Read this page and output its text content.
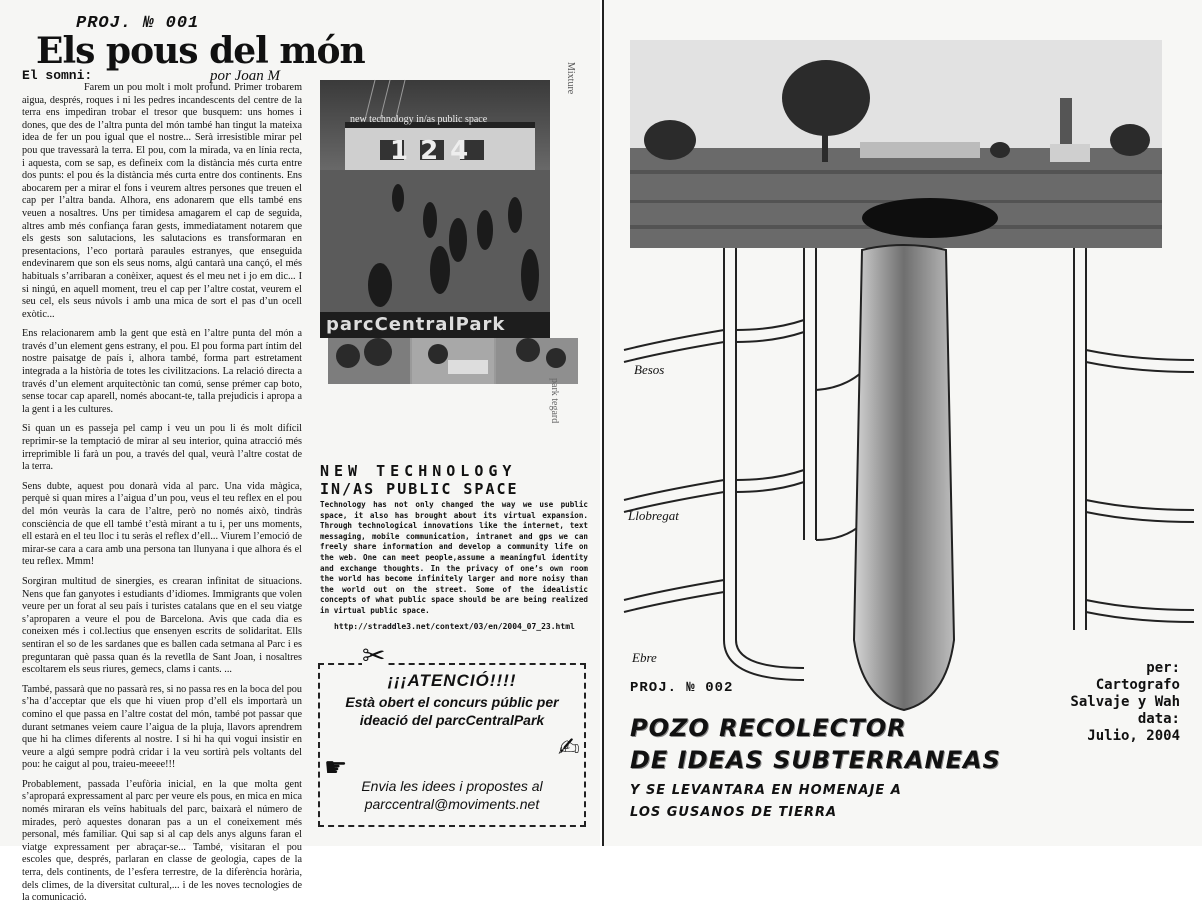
PROJ. № 001
Els pous del món
El somni:	por Joan M

Farem un pou molt i molt profund. Primer trobarem aigua, després, roques i ni les pedres incandescents del centre de la terra ens impediran trobar el tresor que busquem: uns homes i dones, que des de l’altra punta del món també han tingut la mateixa idea de fer un pou igual que el nostre... Serà irresistible mirar pel pou que travessarà la terra. El pou, com la mirada, va en línia recta, i aquesta, com se sap, es defineix com la distància més curta entre dos punts: el pou és la distància més curta entre dos continents. Ens abocarem per a mirar el fons i veurem altres persones que treuen el cap per l’altra banda. Alhora, ens adonarem que ells també ens veuen a nosaltres. Uns per timidesa amagarem el cap de seguida, altres amb més confiança faran gests, immediatament notarem que els gests son salutacions, les salutacions es transformaran en presentacions, l’eco portarà paraules estranyes, que enseguida endevinarem que son els seus noms, algú cantarà una cançó, el més habituals s’arribaran a conèixer, aquest és el meu net i jo em dic... I si ningú, en aquell moment, treu el cap per l’altre costat, veurem el seu cel, els seus núvols i amb una mica de sort el pas d’un ocell exòtic...

Ens relacionarem amb la gent que està en l’altre punta del món a través d’un element gens estrany, el pou. El pou forma part íntim del nostre paisatge de país i, alhora també, forma part estretament integrada a la història de totes les civilitzacions. La relació directa a través d’un element arquitectònic tan comú, sense prémer cap boto, sense tocar cap aparell, només abocant-te, talla prejudicis i apropa a la gent i a les cultures.

Si quan un es passeja pel camp i veu un pou li és molt difícil reprimir-se la temptació de mirar al seu interior, quina atracció més irreprimible li farà un pou, a través del qual, veurà l’altre costat de la terra.

Sens dubte, aquest pou donarà vida al parc. Una vida màgica, perquè si quan mires a l’aigua d’un pou, veus el teu reflex en el pou del món veuràs la cara de l’altre, però no només això, tindràs consciència de que ell també t’està mirant a tu i, per uns moments, ell estarà en el teu lloc i tu seràs el reflex d’ell... Viurem l’emoció de mirar-se cara a cara amb una persona tan llunyana i que alhora és el teu reflex. Mmm!

Sorgiran multitud de sinergies, es crearan infinitat de situacions. Nens que fan ganyotes i estudiants d’idiomes. Immigrants que volen veure per un forat al seu país i turistes catalans que en el seu viatge s’aproparen a veure el pou de Barcelona. Avis que cada dia es coneixen més i col.lectius que ensenyen escrits de solidaritat. Ells sentiran el so de les sardanes que es ballen cada setmana al Parc i es preguntaran què passa quan és la revetlla de Sant Joan, i nosaltres escoltarem els seus riures, gemecs, clams i cants. ...

També, passarà que no passarà res, si no passa res en la boca del pou s’ha d’acceptar que els que hi viuen prop d’ell els importarà un comino el que passa en l’altre costat del món, també pot passar que durant setmanes veiem caure l’aigua de la pluja, llavors aprendrem que hi ha climes diferents al nostre. I si hi ha qui vogui insistir en veure a algú sempre podrà cridar i la veu sortirà pels voltants del pou: he caigut al pou, traieu-meeee!!!

Probablement, passada l’eufòria inicial, en la que molta gent s’apropará expressament al parc per veure els pous, en mica en mica només miraran els veïns habituals del parc, baixarà el número de mirades, però aquestes donaran pas a un el coneixement més personal, més familiar. Qui sap si al cap dels anys alguns faran el viatge expressament per abraçar-se... També, visitaran el pou escoles que, després, parlaran en classe de geologia, capes de la terra, dels continents, de l’esfera terrestre, de la diferència horària, dels climes, de la diversitat cultural,... i de les noves tecnologies de la comunicació.

new technology in/as public space
124
parcCentralPark
Mixture
park tegard
NEW TECHNOLOGY
IN/AS PUBLIC SPACE
Technology has not only changed the way we use public space, it also has brought about its virtual expansion. Through technological innovations like the internet, text messaging, mobile communication, intranet and gps we can freely share information and develop a community life on the web. One can meet people,assume a meaningful identity and exchange thoughts. In the privacy of one’s own room the world has become infinitely larger and more noisy than the world out on the street. Some of the idealistic concepts of what public space should be are being realized in virtual public space.
http://straddle3.net/context/03/en/2004_07_23.html
✂
¡¡¡ATENCIÓ!!!!
Està obert el concurs públic per ideació del parcCentralPark
✍
☛
Envia les idees i propostes al
parccentral@moviments.net
Besos
Llobregat
Ebre
PROJ. № 002
POZO RECOLECTOR
DE IDEAS SUBTERRANEAS
Y SE LEVANTARA EN HOMENAJE A
LOS GUSANOS DE TIERRA
per:
Cartografo
Salvaje y Wah
data:
Julio, 2004
